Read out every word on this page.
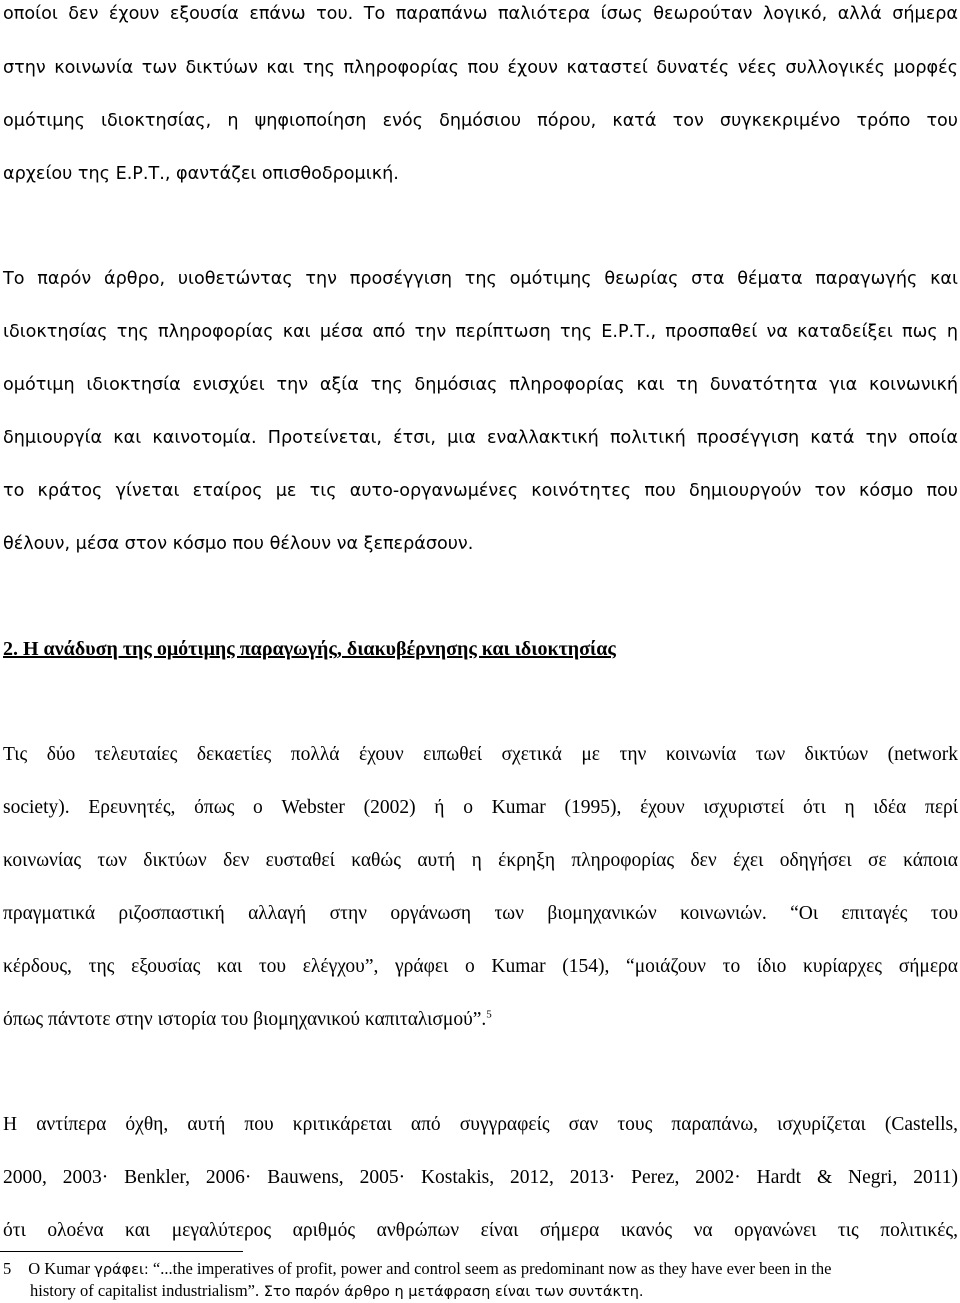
οποίοι δεν έχουν εξουσία επάνω του. Το παραπάνω παλιότερα ίσως θεωρούταν λογικό, αλλά σήμερα
στην κοινωνία των δικτύων και της πληροφορίας που έχουν καταστεί δυνατές νέες συλλογικές μορφές
ομότιμης ιδιοκτησίας, η ψηφιοποίηση ενός δημόσιου πόρου, κατά τον συγκεκριμένο τρόπο του
αρχείου της Ε.Ρ.Τ., φαντάζει οπισθοδρομική.
Το παρόν άρθρο, υιοθετώντας την προσέγγιση της ομότιμης θεωρίας στα θέματα παραγωγής και
ιδιοκτησίας της πληροφορίας και μέσα από την περίπτωση της Ε.Ρ.Τ., προσπαθεί να καταδείξει πως η
ομότιμη ιδιοκτησία ενισχύει την αξία της δημόσιας πληροφορίας και τη δυνατότητα για κοινωνική
δημιουργία και καινοτομία. Προτείνεται, έτσι, μια εναλλακτική πολιτική προσέγγιση κατά την οποία
το κράτος γίνεται εταίρος με τις αυτο-οργανωμένες κοινότητες που δημιουργούν τον κόσμο που
θέλουν, μέσα στον κόσμο που θέλουν να ξεπεράσουν.
2. Η ανάδυση της ομότιμης παραγωγής, διακυβέρνησης και ιδιοκτησίας
Τις δύο τελευταίες δεκαετίες πολλά έχουν ειπωθεί σχετικά με την κοινωνία των δικτύων (network
society). Ερευνητές, όπως ο Webster (2002) ή ο Kumar (1995), έχουν ισχυριστεί ότι η ιδέα περί
κοινωνίας των δικτύων δεν ευσταθεί καθώς αυτή η έκρηξη πληροφορίας δεν έχει οδηγήσει σε κάποια
πραγματικά ριζοσπαστική αλλαγή στην οργάνωση των βιομηχανικών κοινωνιών. “Οι επιταγές του
κέρδους, της εξουσίας και του ελέγχου”, γράφει ο Kumar (154), “μοιάζουν το ίδιο κυρίαρχες σήμερα
όπως πάντοτε στην ιστορία του βιομηχανικού καπιταλισμού”.$^5$
Η αντίπερα όχθη, αυτή που κριτικάρεται από συγγραφείς σαν τους παραπάνω, ισχυρίζεται (Castells,
2000, 2003· Benkler, 2006· Bauwens, 2005· Kostakis, 2012, 2013· Perez, 2002· Hardt & Negri, 2011)
ότι ολοένα και μεγαλύτερος αριθμός ανθρώπων είναι σήμερα ικανός να οργανώνει τις πολιτικές,
5 O Kumar γράφει: “...the imperatives of profit, power and control seem as predominant now as they have ever been in the
history of capitalist industrialism”. Στο παρόν άρθρο η μετάφραση είναι των συντάκτη.
